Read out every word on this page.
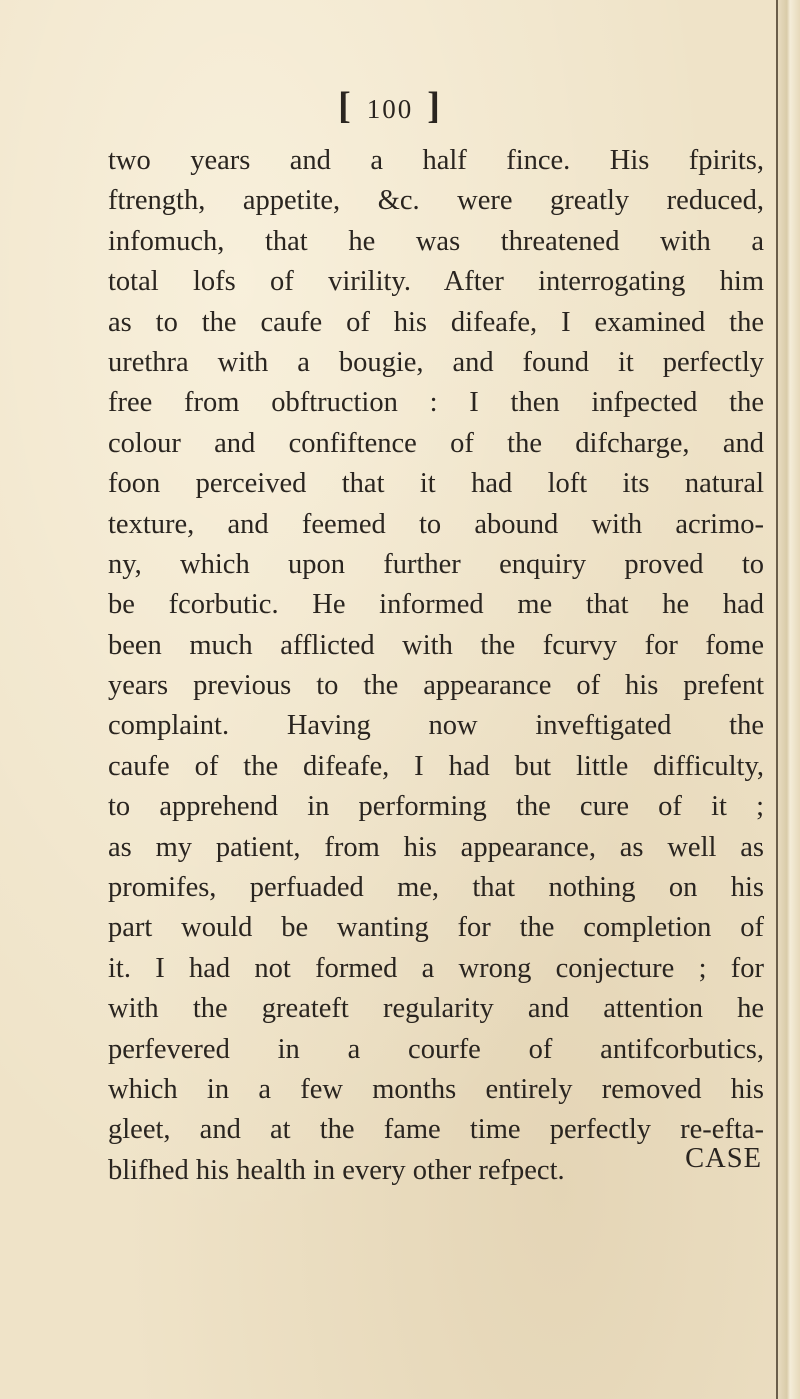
[ 100 ]
two years and a half fince. His fpirits,
ftrength, appetite, &c. were greatly reduced,
infomuch, that he was threatened with a
total lofs of virility. After interrogating him
as to the caufe of his difeafe, I examined the
urethra with a bougie, and found it perfectly
free from obftruction : I then infpected the
colour and confiftence of the difcharge, and
foon perceived that it had loft its natural
texture, and feemed to abound with acrimo-
ny, which upon further enquiry proved to
be fcorbutic. He informed me that he had
been much afflicted with the fcurvy for fome
years previous to the appearance of his prefent
complaint. Having now inveftigated the
caufe of the difeafe, I had but little difficulty,
to apprehend in performing the cure of it ;
as my patient, from his appearance, as well as
promifes, perfuaded me, that nothing on his
part would be wanting for the completion of
it. I had not formed a wrong conjecture ; for
with the greateft regularity and attention he
perfevered in a courfe of antifcorbutics,
which in a few months entirely removed his
gleet, and at the fame time perfectly re-efta-
blifhed his health in every other refpect.	CASE
